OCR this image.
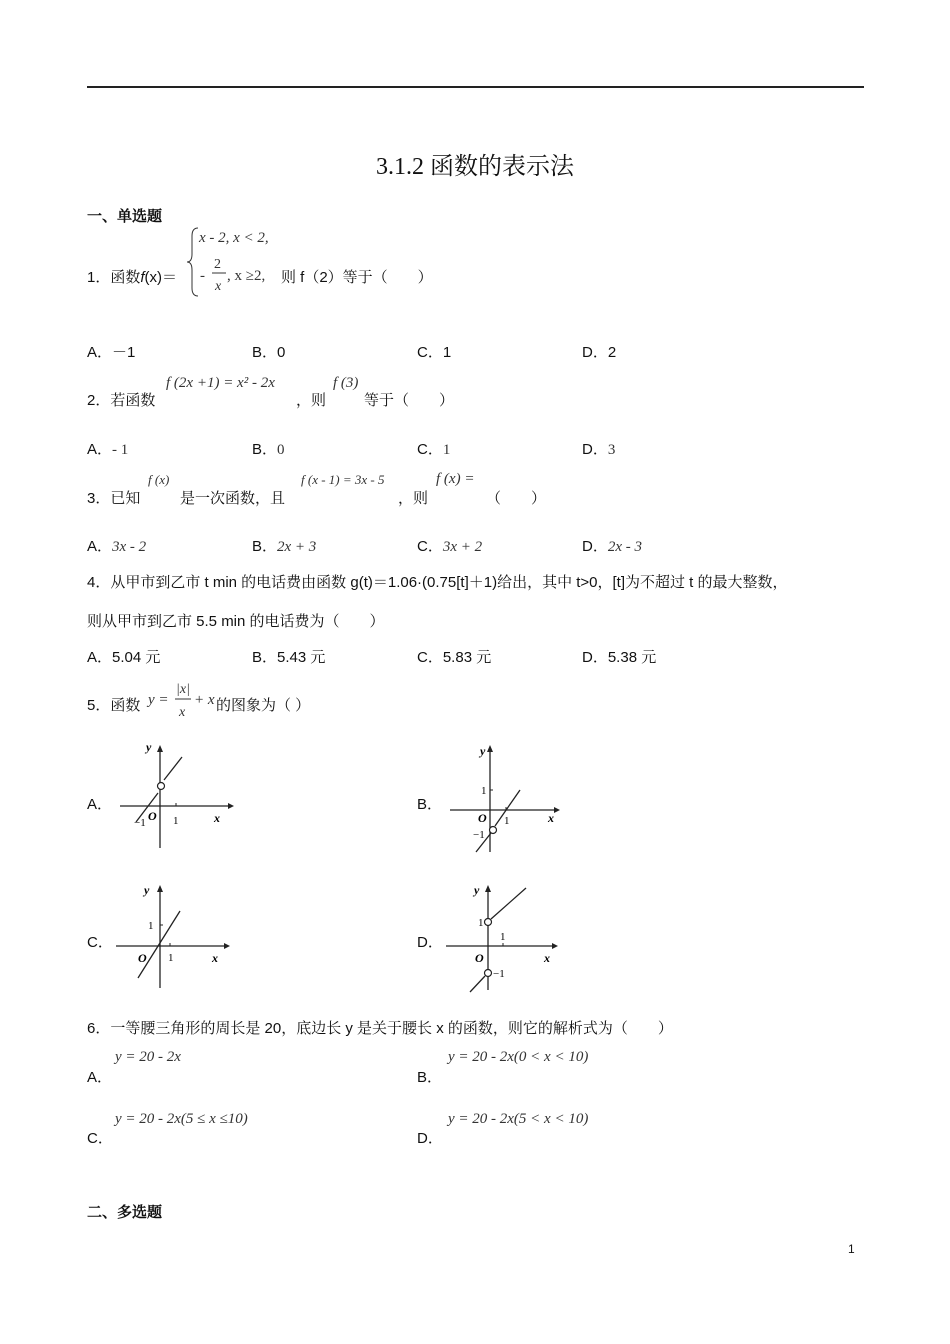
3.1.2 函数的表示法
一、单选题
1．函数f(x)＝
x - 2, x < 2,
-
2
x
, x ≥2, 则 f（2）等于（　　）
A．－1	B．0	C．1	D．2
2．若函数
f (2x +1) = x² - 2x
，则
f (3)
等于（　　）
A．- 1	B．0	C．1	D．3
3．已知
f (x)
是一次函数，且
f (x - 1) = 3x - 5
，则
f (x) =
（　　）
A．3x - 2	B．2x + 3	C．3x + 2	D．2x - 3
4．从甲市到乙市 t min 的电话费由函数 g(t)＝1.06·(0.75[t]＋1)给出，其中 t>0，[t]为不超过 t 的最大整数，
则从甲市到乙市 5.5 min 的电话费为（　　）
A．5.04 元	B．5.43 元	C．5.83 元	D．5.38 元
5．函数 y =
|x|
x
+ x 的图象为（ ）
A．
y
x
O 1
−1
B．
y
x
O
1
1
−1
C．
y
x
O
1
1
D．
y
x
O
1
1
−1
6．一等腰三角形的周长是 20，底边长 y 是关于腰长 x 的函数，则它的解析式为（　　）
A．
y = 20 - 2x
B．
y = 20 - 2x(0 < x < 10)
C．
y = 20 - 2x(5 ≤ x ≤10)
D．
y = 20 - 2x(5 < x < 10)
二、多选题
1
